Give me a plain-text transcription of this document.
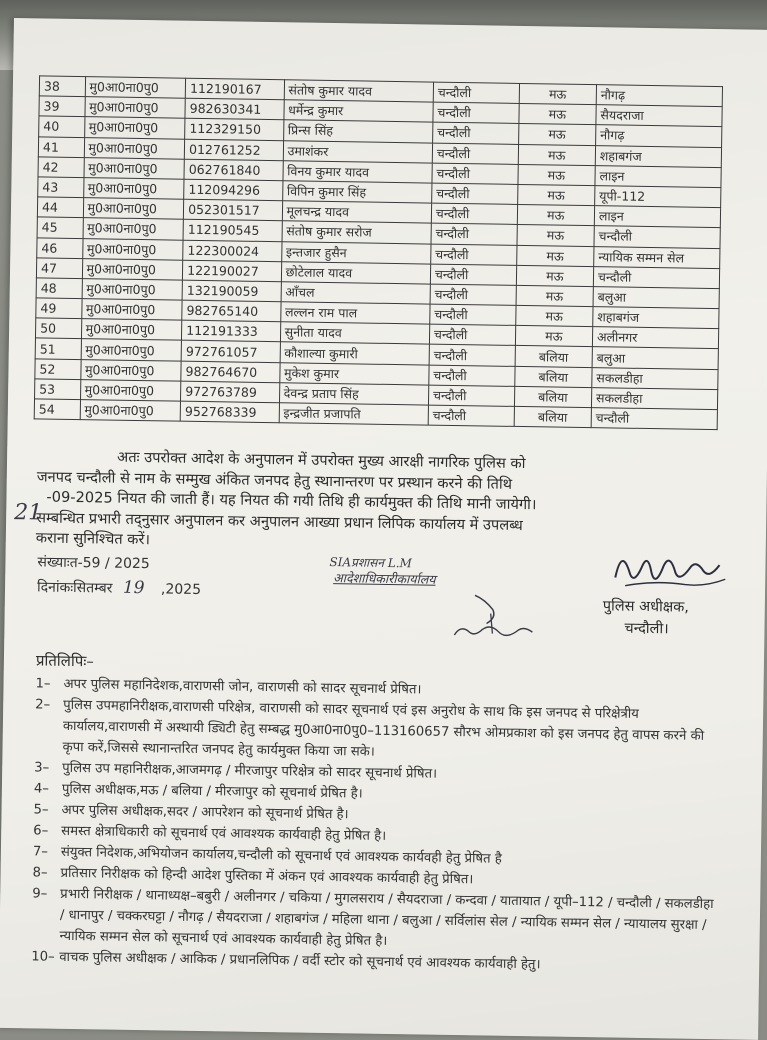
38	मु0आ0ना0पु0	112190167	संतोष कुमार यादव	चन्दौली	मऊ	नौगढ़
39	मु0आ0ना0पु0	982630341	धर्मेन्द्र कुमार	चन्दौली	मऊ	सैयदराजा
40	मु0आ0ना0पु0	112329150	प्रिन्स सिंह	चन्दौली	मऊ	नौगढ़
41	मु0आ0ना0पु0	012761252	उमाशंकर	चन्दौली	मऊ	शहाबगंज
42	मु0आ0ना0पु0	062761840	विनय कुमार यादव	चन्दौली	मऊ	लाइन
43	मु0आ0ना0पु0	112094296	विपिन कुमार सिंह	चन्दौली	मऊ	यूपी-112
44	मु0आ0ना0पु0	052301517	मूलचन्द्र यादव	चन्दौली	मऊ	लाइन
45	मु0आ0ना0पु0	112190545	संतोष कुमार सरोज	चन्दौली	मऊ	चन्दौली
46	मु0आ0ना0पु0	122300024	इन्तजार हुसैन	चन्दौली	मऊ	न्यायिक सम्मन सेल
47	मु0आ0ना0पु0	122190027	छोटेलाल यादव	चन्दौली	मऊ	चन्दौली
48	मु0आ0ना0पु0	132190059	आँचल	चन्दौली	मऊ	बलुआ
49	मु0आ0ना0पु0	982765140	लल्लन राम पाल	चन्दौली	मऊ	शहाबगंज
50	मु0आ0ना0पु0	112191333	सुनीता यादव	चन्दौली	मऊ	अलीनगर
51	मु0आ0ना0पु0	972761057	कौशाल्या कुमारी	चन्दौली	बलिया	बलुआ
52	मु0आ0ना0पु0	982764670	मुकेश कुमार	चन्दौली	बलिया	सकलडीहा
53	मु0आ0ना0पु0	972763789	देवन्द्र प्रताप सिंह	चन्दौली	बलिया	सकलडीहा
54	मु0आ0ना0पु0	952768339	इन्द्रजीत प्रजापति	चन्दौली	बलिया	चन्दौली

अतः उपरोक्त आदेश के अनुपालन में उपरोक्त मुख्य आरक्षी नागरिक पुलिस को

जनपद चन्दौली से नाम के सम्मुख अंकित जनपद हेतु स्थानान्तरण पर प्रस्थान करने की तिथि

-09-2025 नियत की जाती हैं। यह नियत की गयी तिथि ही कार्यमुक्त की तिथि मानी जायेगी।

सम्बन्धित प्रभारी तद्नुसार अनुपालन कर अनुपालन आख्या प्रधान लिपिक कार्यालय में उपलब्ध

कराना सुनिश्चित करें।

21
संख्याःत-59 / 2025
दिनांकःसितम्बर 19 ,2025
SIAप्रशासन L.M
आदेशाधिकारीकार्यालय
पुलिस अधीक्षक,
चन्दौली।
प्रतिलिपिः–
1– अपर पुलिस महानिदेशक,वाराणसी जोन, वाराणसी को सादर सूचनार्थ प्रेषित।
2– पुलिस उपमहानिरीक्षक,वाराणसी परिक्षेत्र, वाराणसी को सादर सूचनार्थ एवं इस अनुरोध के साथ कि इस जनपद से परिक्षेत्रीय कार्यालय,वाराणसी में अस्थायी ड्यिटी हेतु सम्बद्ध मु0आ0ना0पु0–113160657 सौरभ ओमप्रकाश को इस जनपद हेतु वापस करने की कृपा करें,जिससे स्थानान्तरित जनपद हेतु कार्यमुक्त किया जा सके।
3– पुलिस उप महानिरीक्षक,आजमगढ़ / मीरजापुर परिक्षेत्र को सादर सूचनार्थ प्रेषित।
4– पुलिस अधीक्षक,मऊ / बलिया / मीरजापुर को सूचनार्थ प्रेषित है।
5– अपर पुलिस अधीक्षक,सदर / आपरेशन को सूचनार्थ प्रेषित है।
6– समस्त क्षेत्राधिकारी को सूचनार्थ एवं आवश्यक कार्यवाही हेतु प्रेषित है।
7– संयुक्त निदेशक,अभियोजन कार्यालय,चन्दौली को सूचनार्थ एवं आवश्यक कार्यवही हेतु प्रेषित है
8– प्रतिसार निरीक्षक को हिन्दी आदेश पुस्तिका में अंकन एवं आवश्यक कार्यवाही हेतु प्रेषित।
9– प्रभारी निरीक्षक / थानाध्यक्ष–बबुरी / अलीनगर / चकिया / मुगलसराय / सैयदराजा / कन्दवा / यातायात / यूपी–112 / चन्दौली / सकलडीहा / धानापुर / चक्करघट्टा / नौगढ़ / सैयदराजा / शहाबगंज / महिला थाना / बलुआ / सर्विलांस सेल / न्यायिक सम्मन सेल / न्यायालय सुरक्षा / न्यायिक सम्मन सेल को सूचनार्थ एवं आवश्यक कार्यवाही हेतु प्रेषित है।
10– वाचक पुलिस अधीक्षक / आकिक / प्रधानलिपिक / वर्दी स्टोर को सूचनार्थ एवं आवश्यक कार्यवाही हेतु।
